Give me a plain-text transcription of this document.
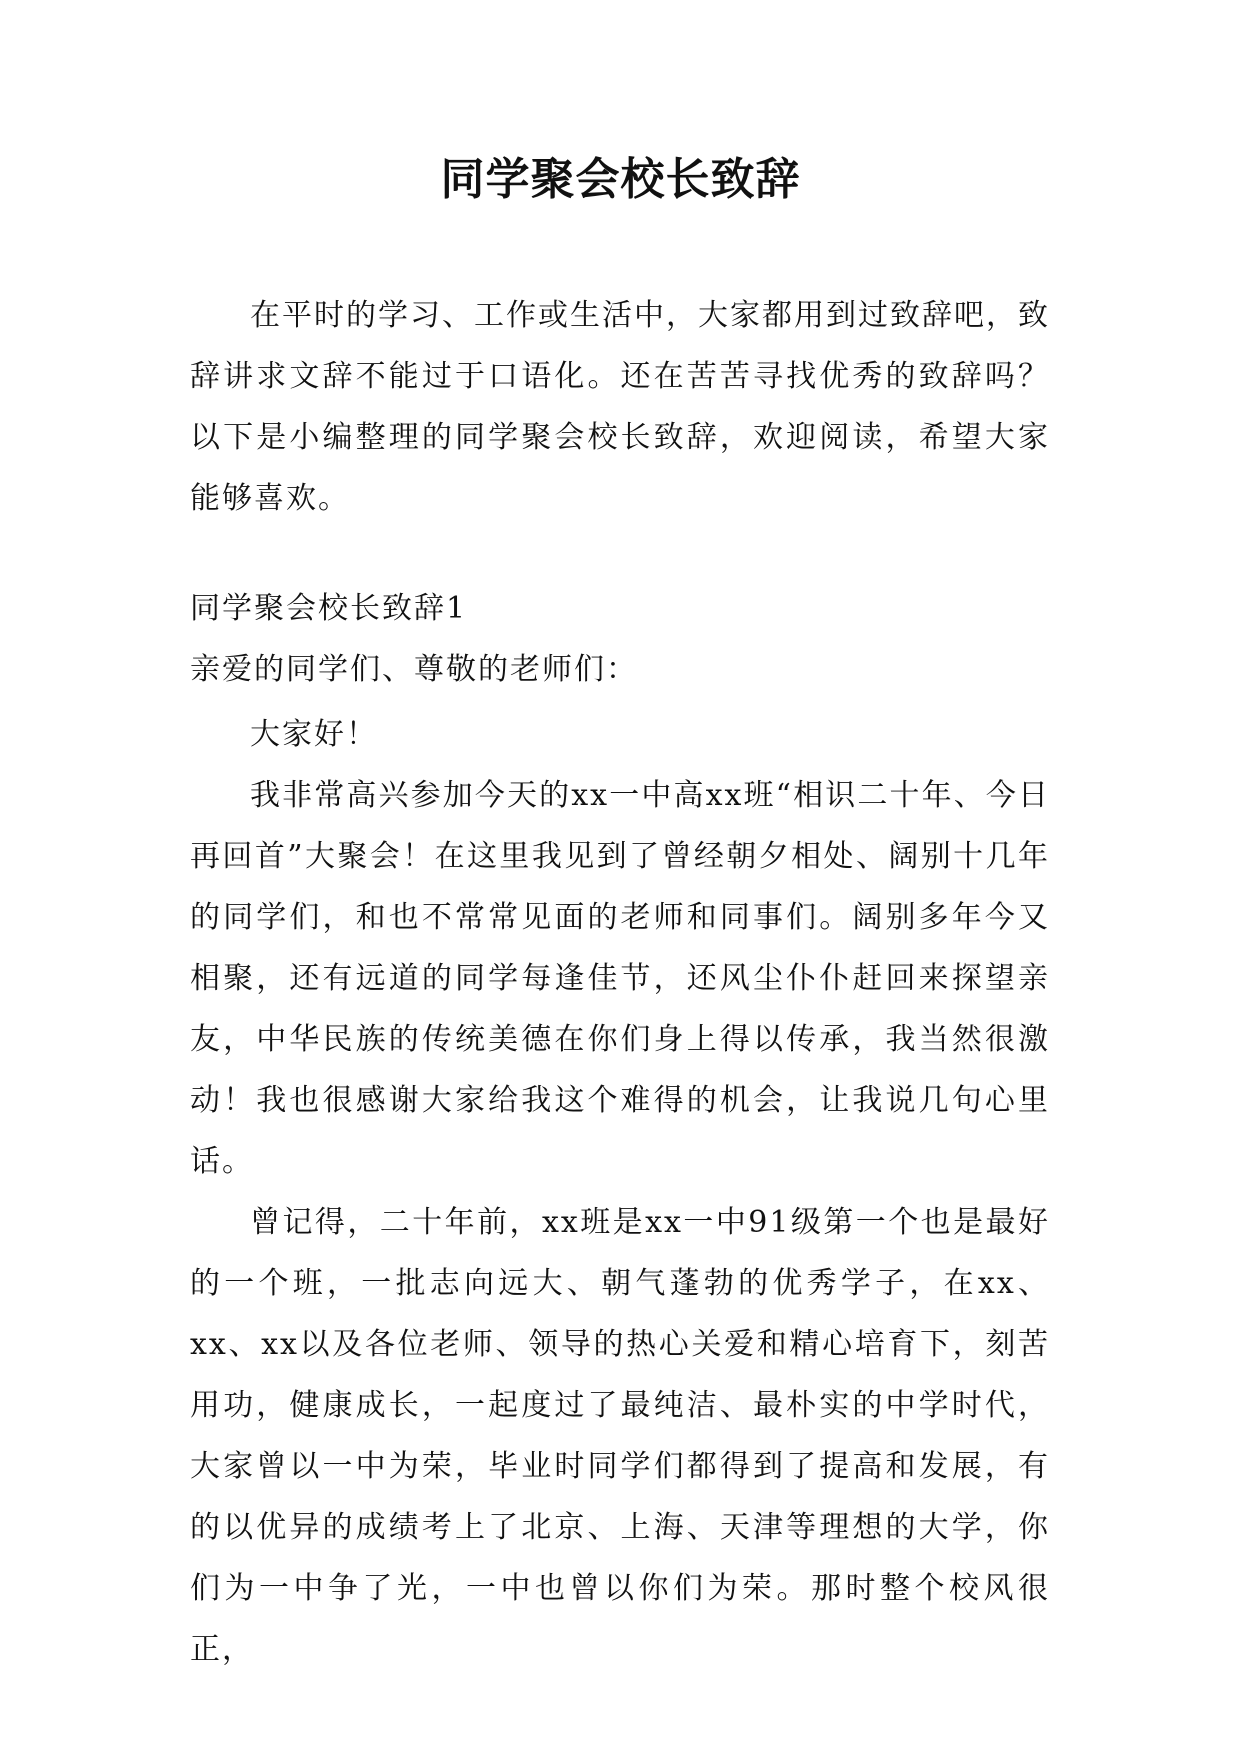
同学聚会校长致辞

在平时的学习、工作或生活中，大家都用到过致辞吧，致辞讲求文辞不能过于口语化。还在苦苦寻找优秀的致辞吗？以下是小编整理的同学聚会校长致辞，欢迎阅读，希望大家能够喜欢。

同学聚会校长致辞1

亲爱的同学们、尊敬的老师们：

大家好！

我非常高兴参加今天的xx一中高xx班“相识二十年、今日再回首”大聚会！在这里我见到了曾经朝夕相处、阔别十几年的同学们，和也不常常见面的老师和同事们。阔别多年今又相聚，还有远道的同学每逢佳节，还风尘仆仆赶回来探望亲友，中华民族的传统美德在你们身上得以传承，我当然很激动！我也很感谢大家给我这个难得的机会，让我说几句心里话。

曾记得，二十年前，xx班是xx一中91级第一个也是最好的一个班，一批志向远大、朝气蓬勃的优秀学子，在xx、xx、xx以及各位老师、领导的热心关爱和精心培育下，刻苦用功，健康成长，一起度过了最纯洁、最朴实的中学时代，大家曾以一中为荣，毕业时同学们都得到了提高和发展，有的以优异的成绩考上了北京、上海、天津等理想的大学，你们为一中争了光，一中也曾以你们为荣。那时整个校风很正，
